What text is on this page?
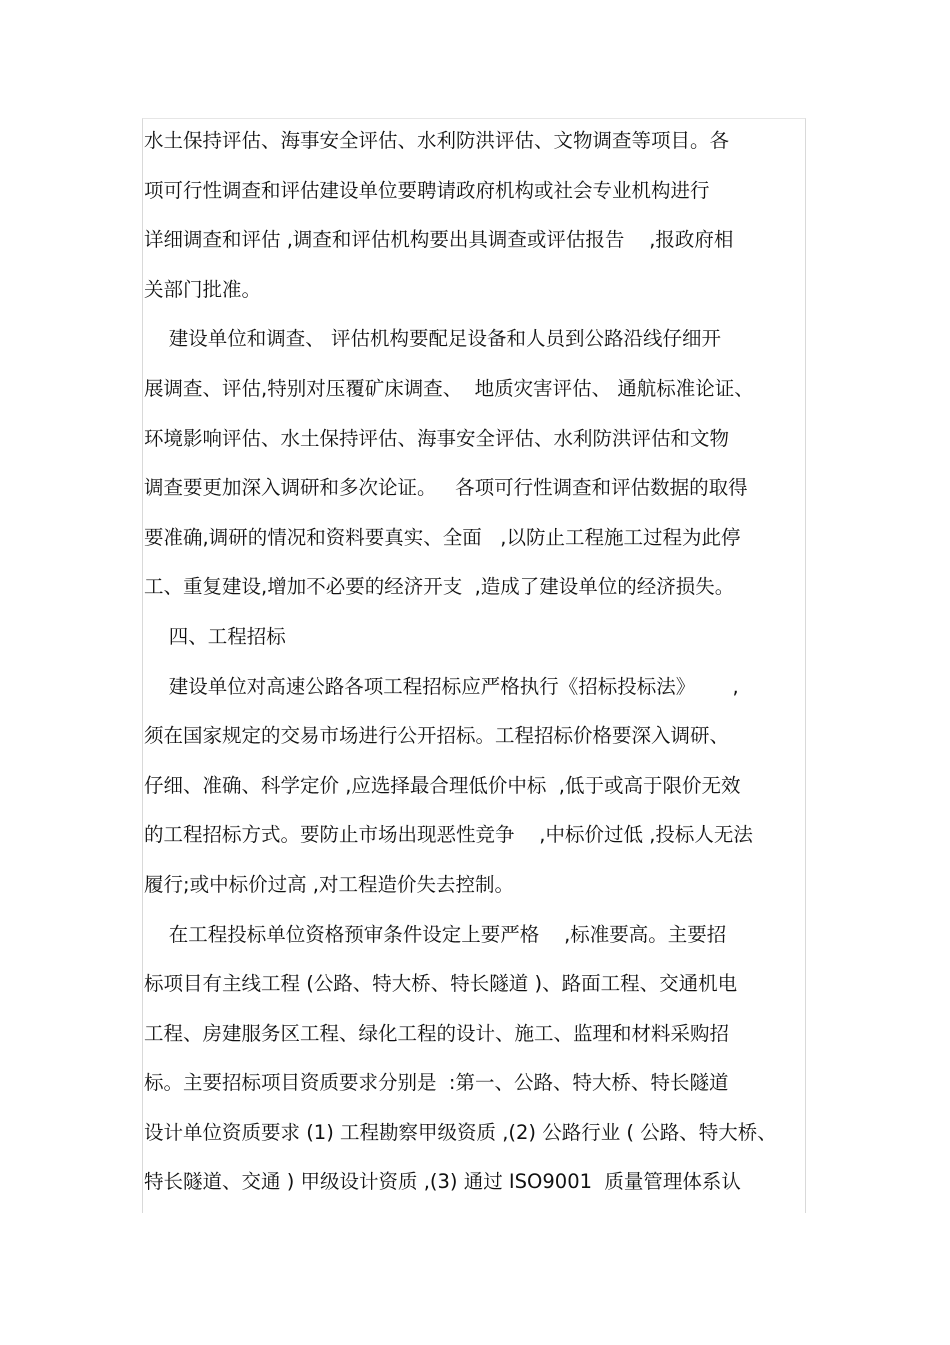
水土保持评估、海事安全评估、水利防洪评估、文物调查等项目。各
项可行性调查和评估建设单位要聘请政府机构或社会专业机构进行
详细调查和评估 ,调查和评估机构要出具调查或评估报告    ,报政府相
关部门批准。
建设单位和调查、 评估机构要配足设备和人员到公路沿线仔细开
展调查、评估,特别对压覆矿床调查、  地质灾害评估、 通航标准论证、
环境影响评估、水土保持评估、海事安全评估、水利防洪评估和文物
调查要更加深入调研和多次论证。   各项可行性调查和评估数据的取得
要准确,调研的情况和资料要真实、全面   ,以防止工程施工过程为此停
工、重复建设,增加不必要的经济开支  ,造成了建设单位的经济损失。
四、工程招标
建设单位对高速公路各项工程招标应严格执行《招标投标法》      ,
须在国家规定的交易市场进行公开招标。工程招标价格要深入调研、
仔细、准确、科学定价 ,应选择最合理低价中标  ,低于或高于限价无效
的工程招标方式。要防止市场出现恶性竞争    ,中标价过低 ,投标人无法
履行;或中标价过高 ,对工程造价失去控制。
在工程投标单位资格预审条件设定上要严格    ,标准要高。主要招
标项目有主线工程 (公路、特大桥、特长隧道 )、路面工程、交通机电
工程、房建服务区工程、绿化工程的设计、施工、监理和材料采购招
标。主要招标项目资质要求分别是  :第一、公路、特大桥、特长隧道
设计单位资质要求 (1) 工程勘察甲级资质 ,(2) 公路行业 ( 公路、特大桥、
特长隧道、交通 ) 甲级设计资质 ,(3) 通过 ISO9001  质量管理体系认
